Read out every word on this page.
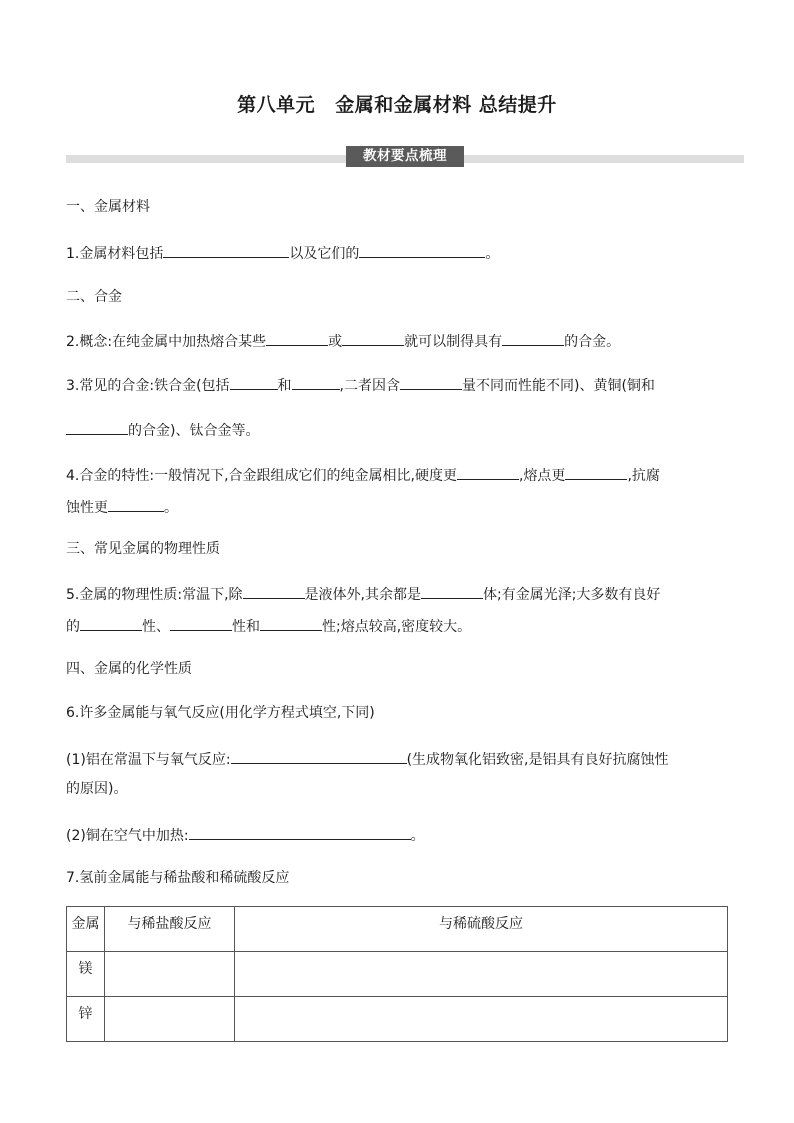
第八单元 金属和金属材料 总结提升
教材要点梳理
一、金属材料
1.金属材料包括	以及它们的	。
二、合金
2.概念:在纯金属中加热熔合某些	或	就可以制得具有	的合金。
3.常见的合金:铁合金(包括	和	,二者因含	量不同而性能不同)、黄铜(铜和
的合金)、钛合金等。
4.合金的特性:一般情况下,合金跟组成它们的纯金属相比,硬度更	,熔点更	,抗腐
蚀性更	。
三、常见金属的物理性质
5.金属的物理性质:常温下,除	是液体外,其余都是	体;有金属光泽;大多数有良好
的	性、	性和	性;熔点较高,密度较大。
四、金属的化学性质
6.许多金属能与氧气反应(用化学方程式填空,下同)
(1)铝在常温下与氧气反应:	(生成物氧化铝致密,是铝具有良好抗腐蚀性
的原因)。
(2)铜在空气中加热:	。
7.氢前金属能与稀盐酸和稀硫酸反应
金属	与稀盐酸反应	与稀硫酸反应
镁		
锌		
